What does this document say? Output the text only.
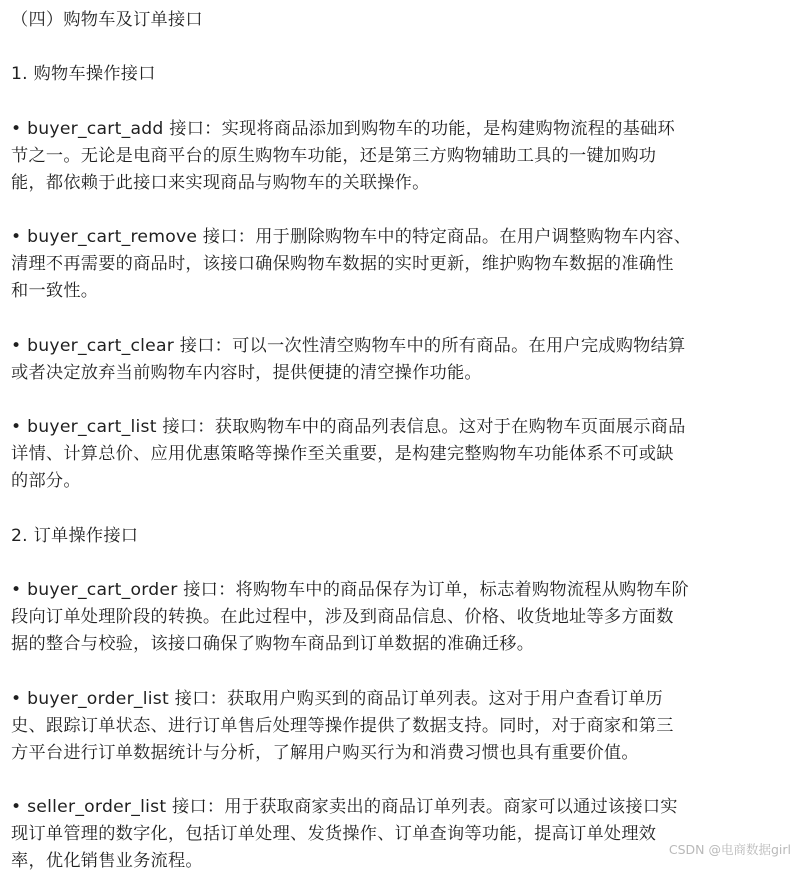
（四）购物车及订单接口
1. 购物车操作接口
• buyer_cart_add 接口：实现将商品添加到购物车的功能，是构建购物流程的基础环
节之一。无论是电商平台的原生购物车功能，还是第三方购物辅助工具的一键加购功
能，都依赖于此接口来实现商品与购物车的关联操作。
• buyer_cart_remove 接口：用于删除购物车中的特定商品。在用户调整购物车内容、
清理不再需要的商品时，该接口确保购物车数据的实时更新，维护购物车数据的准确性
和一致性。
• buyer_cart_clear 接口：可以一次性清空购物车中的所有商品。在用户完成购物结算
或者决定放弃当前购物车内容时，提供便捷的清空操作功能。
• buyer_cart_list 接口：获取购物车中的商品列表信息。这对于在购物车页面展示商品
详情、计算总价、应用优惠策略等操作至关重要，是构建完整购物车功能体系不可或缺
的部分。
2. 订单操作接口
• buyer_cart_order 接口：将购物车中的商品保存为订单，标志着购物流程从购物车阶
段向订单处理阶段的转换。在此过程中，涉及到商品信息、价格、收货地址等多方面数
据的整合与校验，该接口确保了购物车商品到订单数据的准确迁移。
• buyer_order_list 接口：获取用户购买到的商品订单列表。这对于用户查看订单历
史、跟踪订单状态、进行订单售后处理等操作提供了数据支持。同时，对于商家和第三
方平台进行订单数据统计与分析，了解用户购买行为和消费习惯也具有重要价值。
• seller_order_list 接口：用于获取商家卖出的商品订单列表。商家可以通过该接口实
现订单管理的数字化，包括订单处理、发货操作、订单查询等功能，提高订单处理效
率，优化销售业务流程。
CSDN @电商数据girl
